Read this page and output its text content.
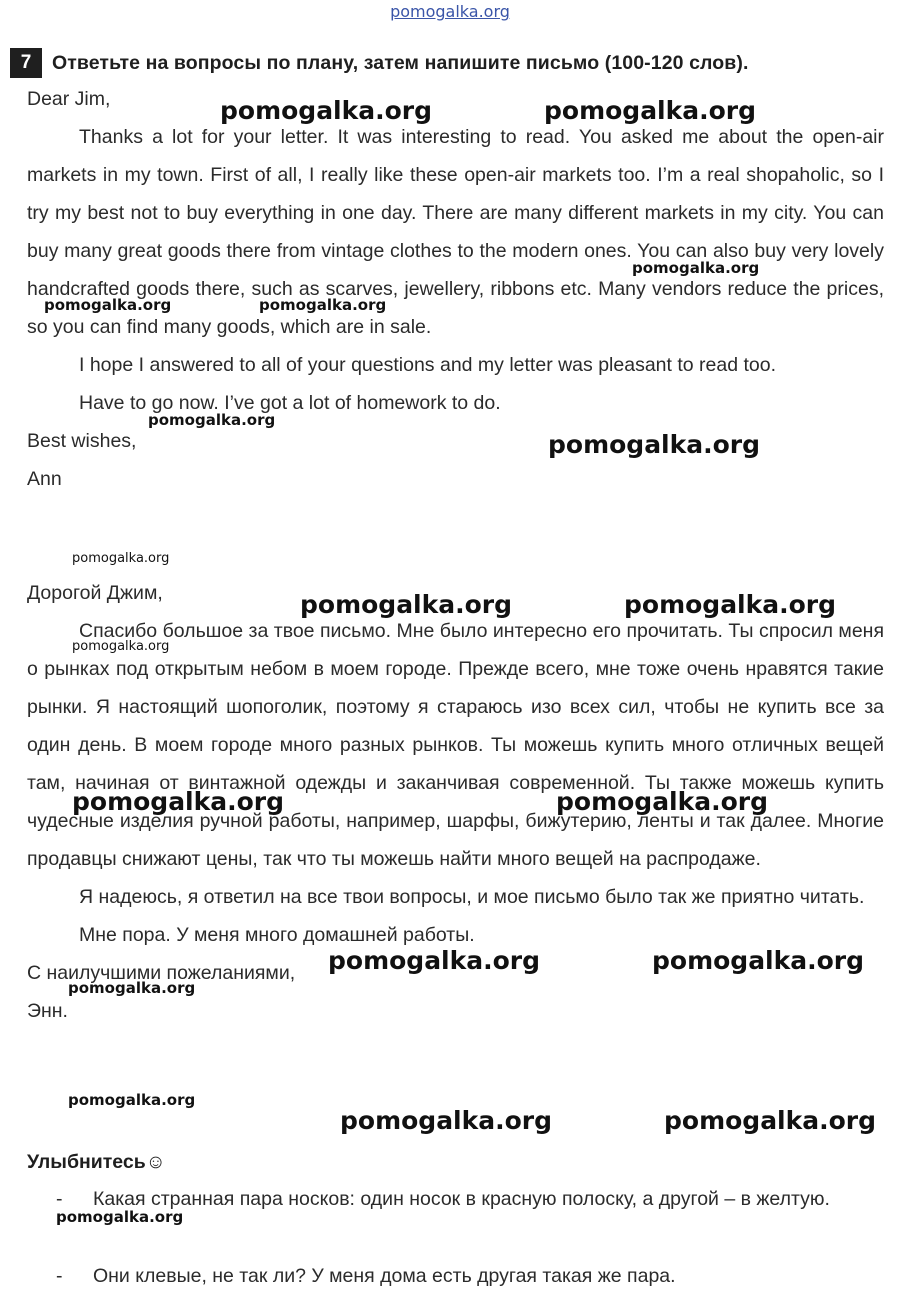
pomogalka.org
7	Ответьте на вопросы по плану, затем напишите письмо (100-120 слов).

Dear Jim,

Thanks a lot for your letter. It was interesting to read. You asked me about the open-air markets in my town. First of all, I really like these open-air markets too. I’m a real shopaholic, so I try my best not to buy everything in one day. There are many different markets in my city. You can buy many great goods there from vintage clothes to the modern ones. You can also buy very lovely handcrafted goods there, such as scarves, jewellery, ribbons etc. Many vendors reduce the prices, so you can find many goods, which are in sale.

I hope I answered to all of your questions and my letter was pleasant to read too.

Have to go now. I’ve got a lot of homework to do.

Best wishes,

Ann

Дорогой Джим,

Спасибо большое за твое письмо. Мне было интересно его прочитать. Ты спросил меня о рынках под открытым небом в моем городе. Прежде всего, мне тоже очень нравятся такие рынки. Я настоящий шопоголик, поэтому я стараюсь изо всех сил, чтобы не купить все за один день. В моем городе много разных рынков. Ты можешь купить много отличных вещей там, начиная от винтажной одежды и заканчивая современной. Ты также можешь купить чудесные изделия ручной работы, например, шарфы, бижутерию, ленты и так далее. Многие продавцы снижают цены, так что ты можешь найти много вещей на распродаже.

Я надеюсь, я ответил на все твои вопросы, и мое письмо было так же приятно читать.

Мне пора. У меня много домашней работы.

С наилучшими пожеланиями,

Энн.

Улыбнитесь☺
- Какая странная пара носков: один носок в красную полоску, а другой – в желтую.
- Они клевые, не так ли? У меня дома есть другая такая же пара.
pomogalka.org	pomogalka.org
pomogalka.org
pomogalka.org	pomogalka.org
pomogalka.org
pomogalka.org
pomogalka.org
pomogalka.org	pomogalka.org
pomogalka.org
pomogalka.org	pomogalka.org
pomogalka.org	pomogalka.org
pomogalka.org
pomogalka.org
pomogalka.org	pomogalka.org
pomogalka.org
